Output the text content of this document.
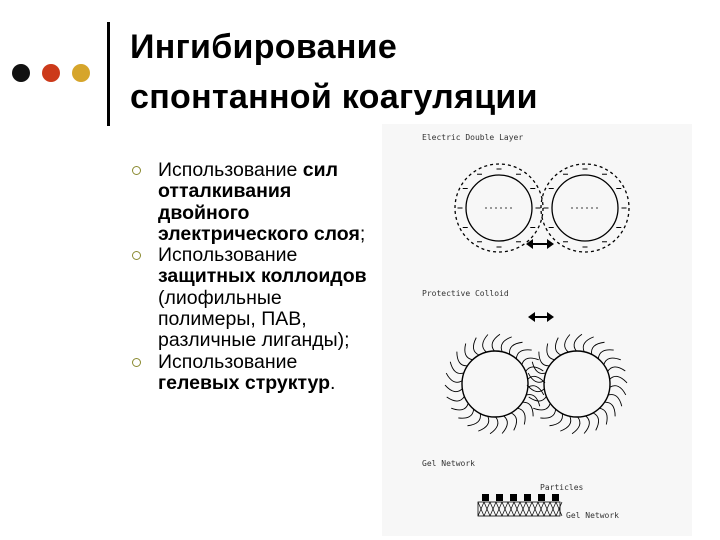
Ингибирование
спонтанной коагуляции
Использование сил отталкивания двойного электрического слоя;
Использование защитных коллоидов (лиофильные полимеры, ПАВ, различные лиганды);
Использование гелевых структур.
Electric Double Layer
Protective Colloid
Gel Network
Particles
Gel Network
